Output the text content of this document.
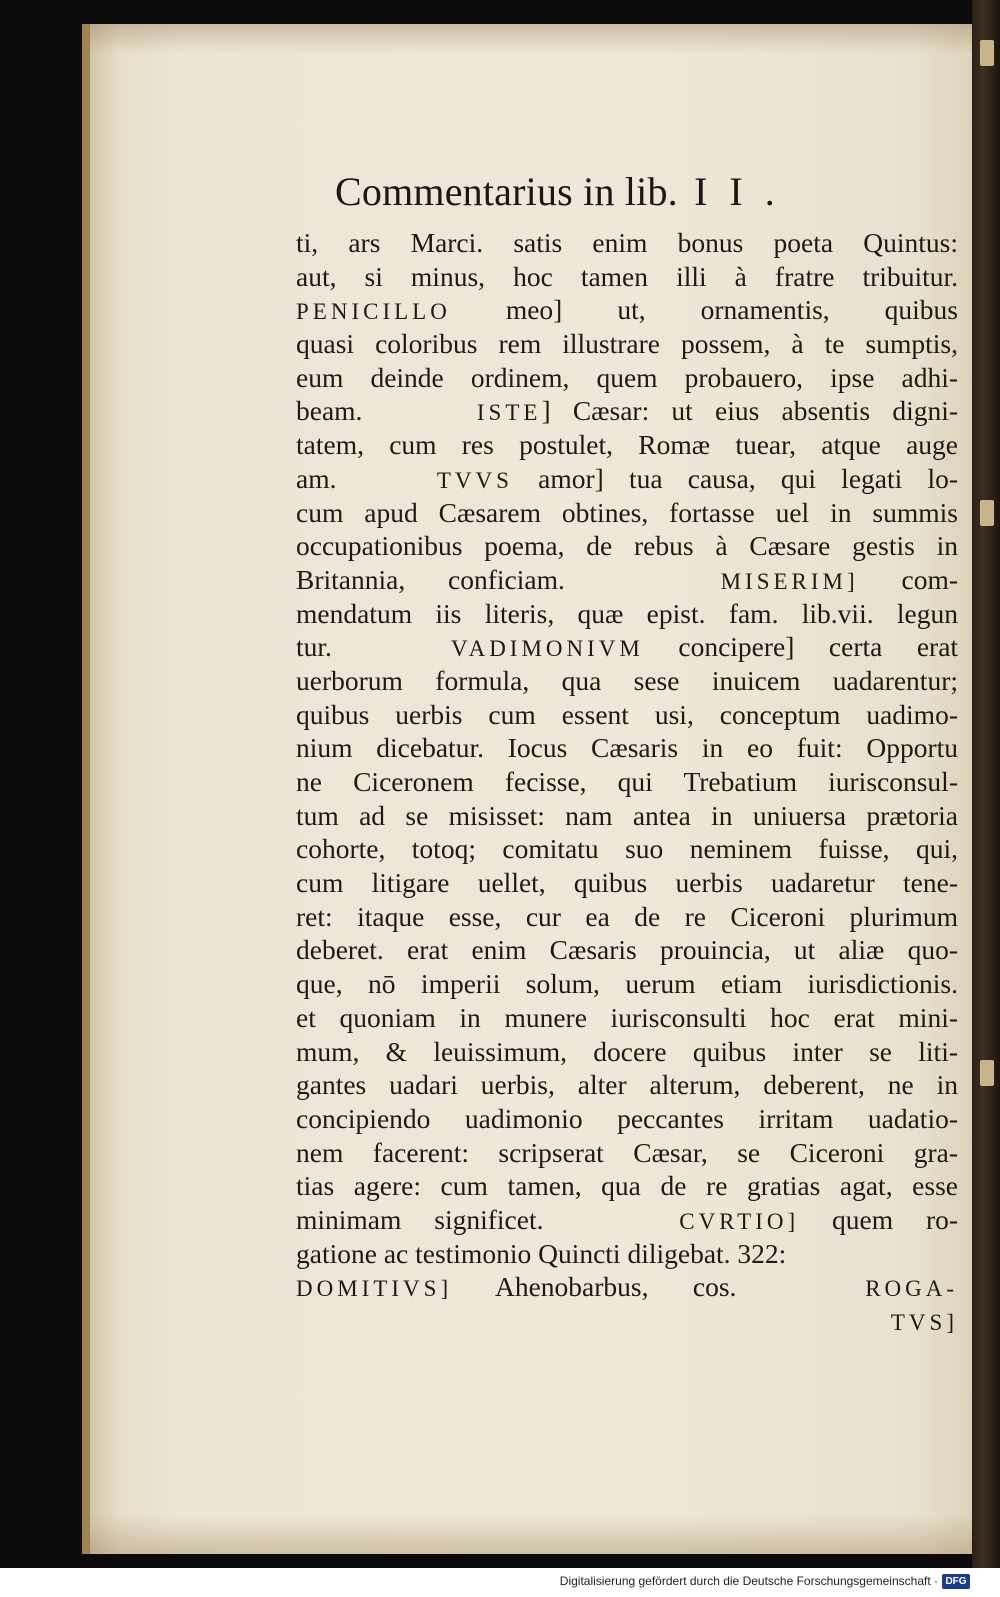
Commentarius in lib. I I .
ti, ars Marci. satis enim bonus poeta Quintus:
aut, si minus, hoc tamen illi à fratre tribuitur.
PENICILLO meo] ut, ornamentis, quibus
quasi coloribus rem illustrare possem, à te sumptis,
eum deinde ordinem, quem probauero, ipse adhi-
beam.	ISTE] Cæsar: ut eius absentis digni-
tatem, cum res postulet, Romæ tuear, atque auge
am.	TVVS amor] tua causa, qui legati lo-
cum apud Cæsarem obtines, fortasse uel in summis
occupationibus poema, de rebus à Cæsare gestis in
Britannia, conficiam.	MISERIM] com-
mendatum iis literis, quæ epist. fam. lib.vii. legun
tur.	VADIMONIVM concipere] certa erat
uerborum formula, qua sese inuicem uadarentur;
quibus uerbis cum essent usi, conceptum uadimo-
nium dicebatur. Iocus Cæsaris in eo fuit: Opportu
ne Ciceronem fecisse, qui Trebatium iurisconsul-
tum ad se misisset: nam antea in uniuersa prætoria
cohorte, totoq; comitatu suo neminem fuisse, qui,
cum litigare uellet, quibus uerbis uadaretur tene-
ret: itaque esse, cur ea de re Ciceroni plurimum
deberet. erat enim Cæsaris prouincia, ut aliæ quo-
que, nō imperii solum, uerum etiam iurisdictionis.
et quoniam in munere iurisconsulti hoc erat mini-
mum, & leuissimum, docere quibus inter se liti-
gantes uadari uerbis, alter alterum, deberent, ne in
concipiendo uadimonio peccantes irritam uadatio-
nem facerent: scripserat Cæsar, se Ciceroni gra-
tias agere: cum tamen, qua de re gratias agat, esse
minimam significet.	CVRTIO] quem ro-
gatione ac testimonio Quincti diligebat. 322:
DOMITIVS] Ahenobarbus, cos.	ROGA-
TVS]
Digitalisierung gefördert durch die Deutsche Forschungsgemeinschaft · DFG
